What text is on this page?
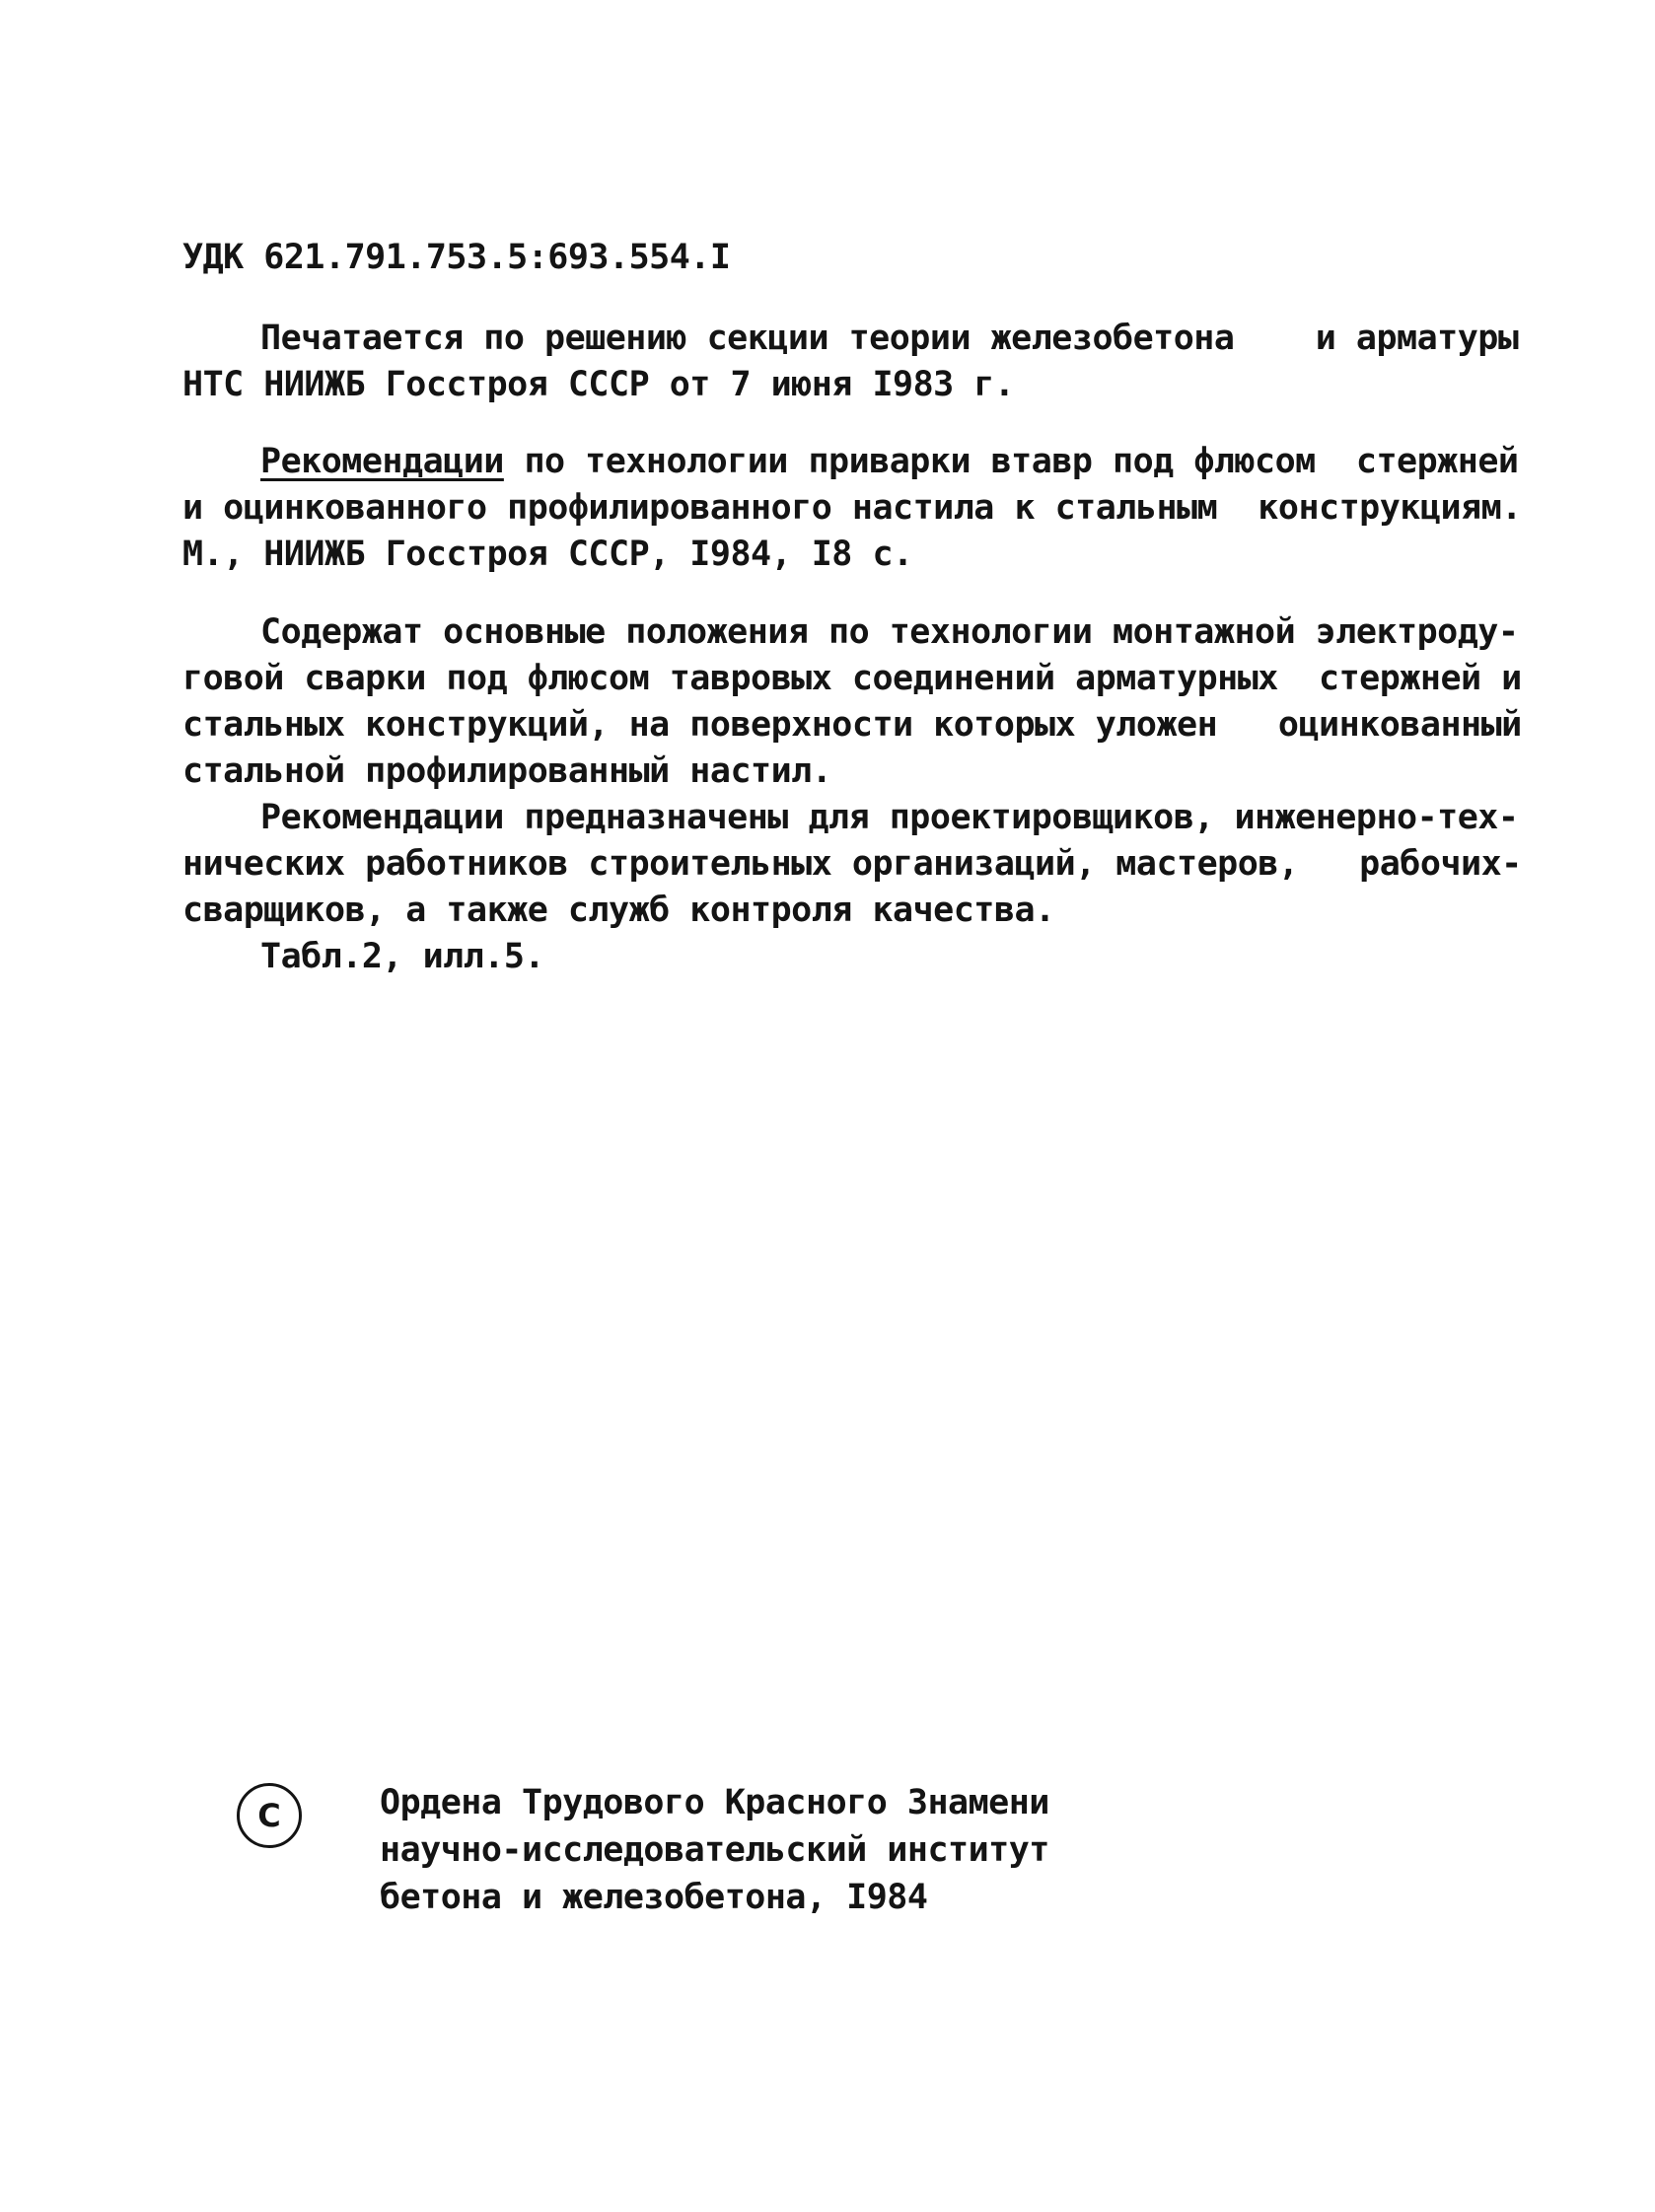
УДК 621.791.753.5:693.554.I
Печатается по решению секции теории железобетона    и арматуры
НТС НИИЖБ Госстроя СССР от 7 июня I983 г.
Рекомендации по технологии приварки втавр под флюсом  стержней
и оцинкованного профилированного настила к стальным  конструкциям.
М., НИИЖБ Госстроя СССР, I984, I8 с.
Содержат основные положения по технологии монтажной электроду-
говой сварки под флюсом тавровых соединений арматурных  стержней и
стальных конструкций, на поверхности которых уложен   оцинкованный
стальной профилированный настил.
Рекомендации предназначены для проектировщиков, инженерно-тех-
нических работников строительных организаций, мастеров,   рабочих-
сварщиков, а также служб контроля качества.
Табл.2, илл.5.
С	Ордена Трудового Красного Знамени
научно-исследовательский институт
бетона и железобетона, I984
